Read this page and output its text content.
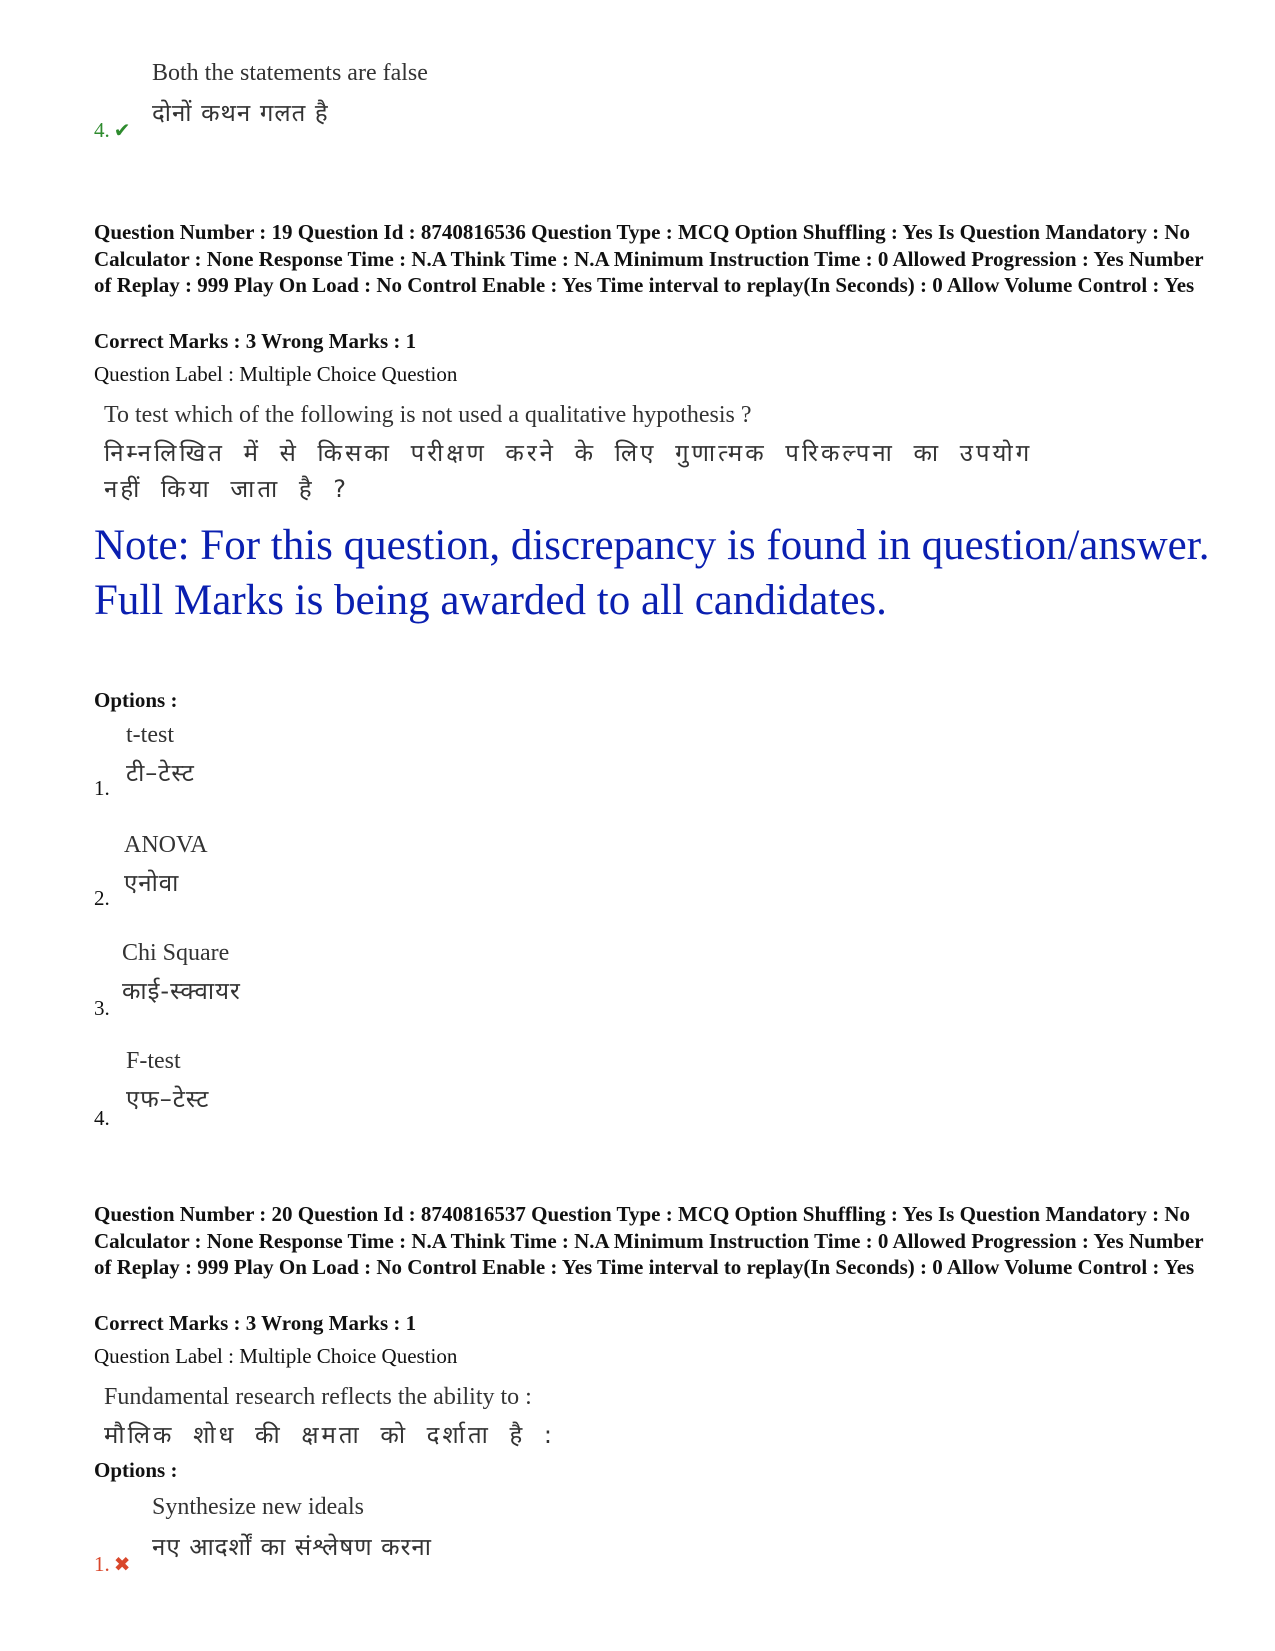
Both the statements are false
दोनों कथन गलत है
4. ✔
Question Number : 19 Question Id : 8740816536 Question Type : MCQ Option Shuffling : Yes Is Question Mandatory : No Calculator : None Response Time : N.A Think Time : N.A Minimum Instruction Time : 0 Allowed Progression : Yes Number of Replay : 999 Play On Load : No Control Enable : Yes Time interval to replay(In Seconds) : 0 Allow Volume Control : Yes
Correct Marks : 3 Wrong Marks : 1
Question Label : Multiple Choice Question
To test which of the following is not used a qualitative hypothesis ?
निम्नलिखित में से किसका परीक्षण करने के लिए गुणात्मक परिकल्पना का उपयोग
नहीं किया जाता है ?
Note: For this question, discrepancy is found in question/answer. Full Marks is being awarded to all candidates.
Options :
t-test
टी–टेस्ट
1.
ANOVA
एनोवा
2.
Chi Square
काई-स्क्वायर
3.
F-test
एफ–टेस्ट
4.
Question Number : 20 Question Id : 8740816537 Question Type : MCQ Option Shuffling : Yes Is Question Mandatory : No Calculator : None Response Time : N.A Think Time : N.A Minimum Instruction Time : 0 Allowed Progression : Yes Number of Replay : 999 Play On Load : No Control Enable : Yes Time interval to replay(In Seconds) : 0 Allow Volume Control : Yes
Correct Marks : 3 Wrong Marks : 1
Question Label : Multiple Choice Question
Fundamental research reflects the ability to :
मौलिक शोध की क्षमता को दर्शाता है :
Options :
Synthesize new ideals
नए आदर्शों का संश्लेषण करना
1. ✖
